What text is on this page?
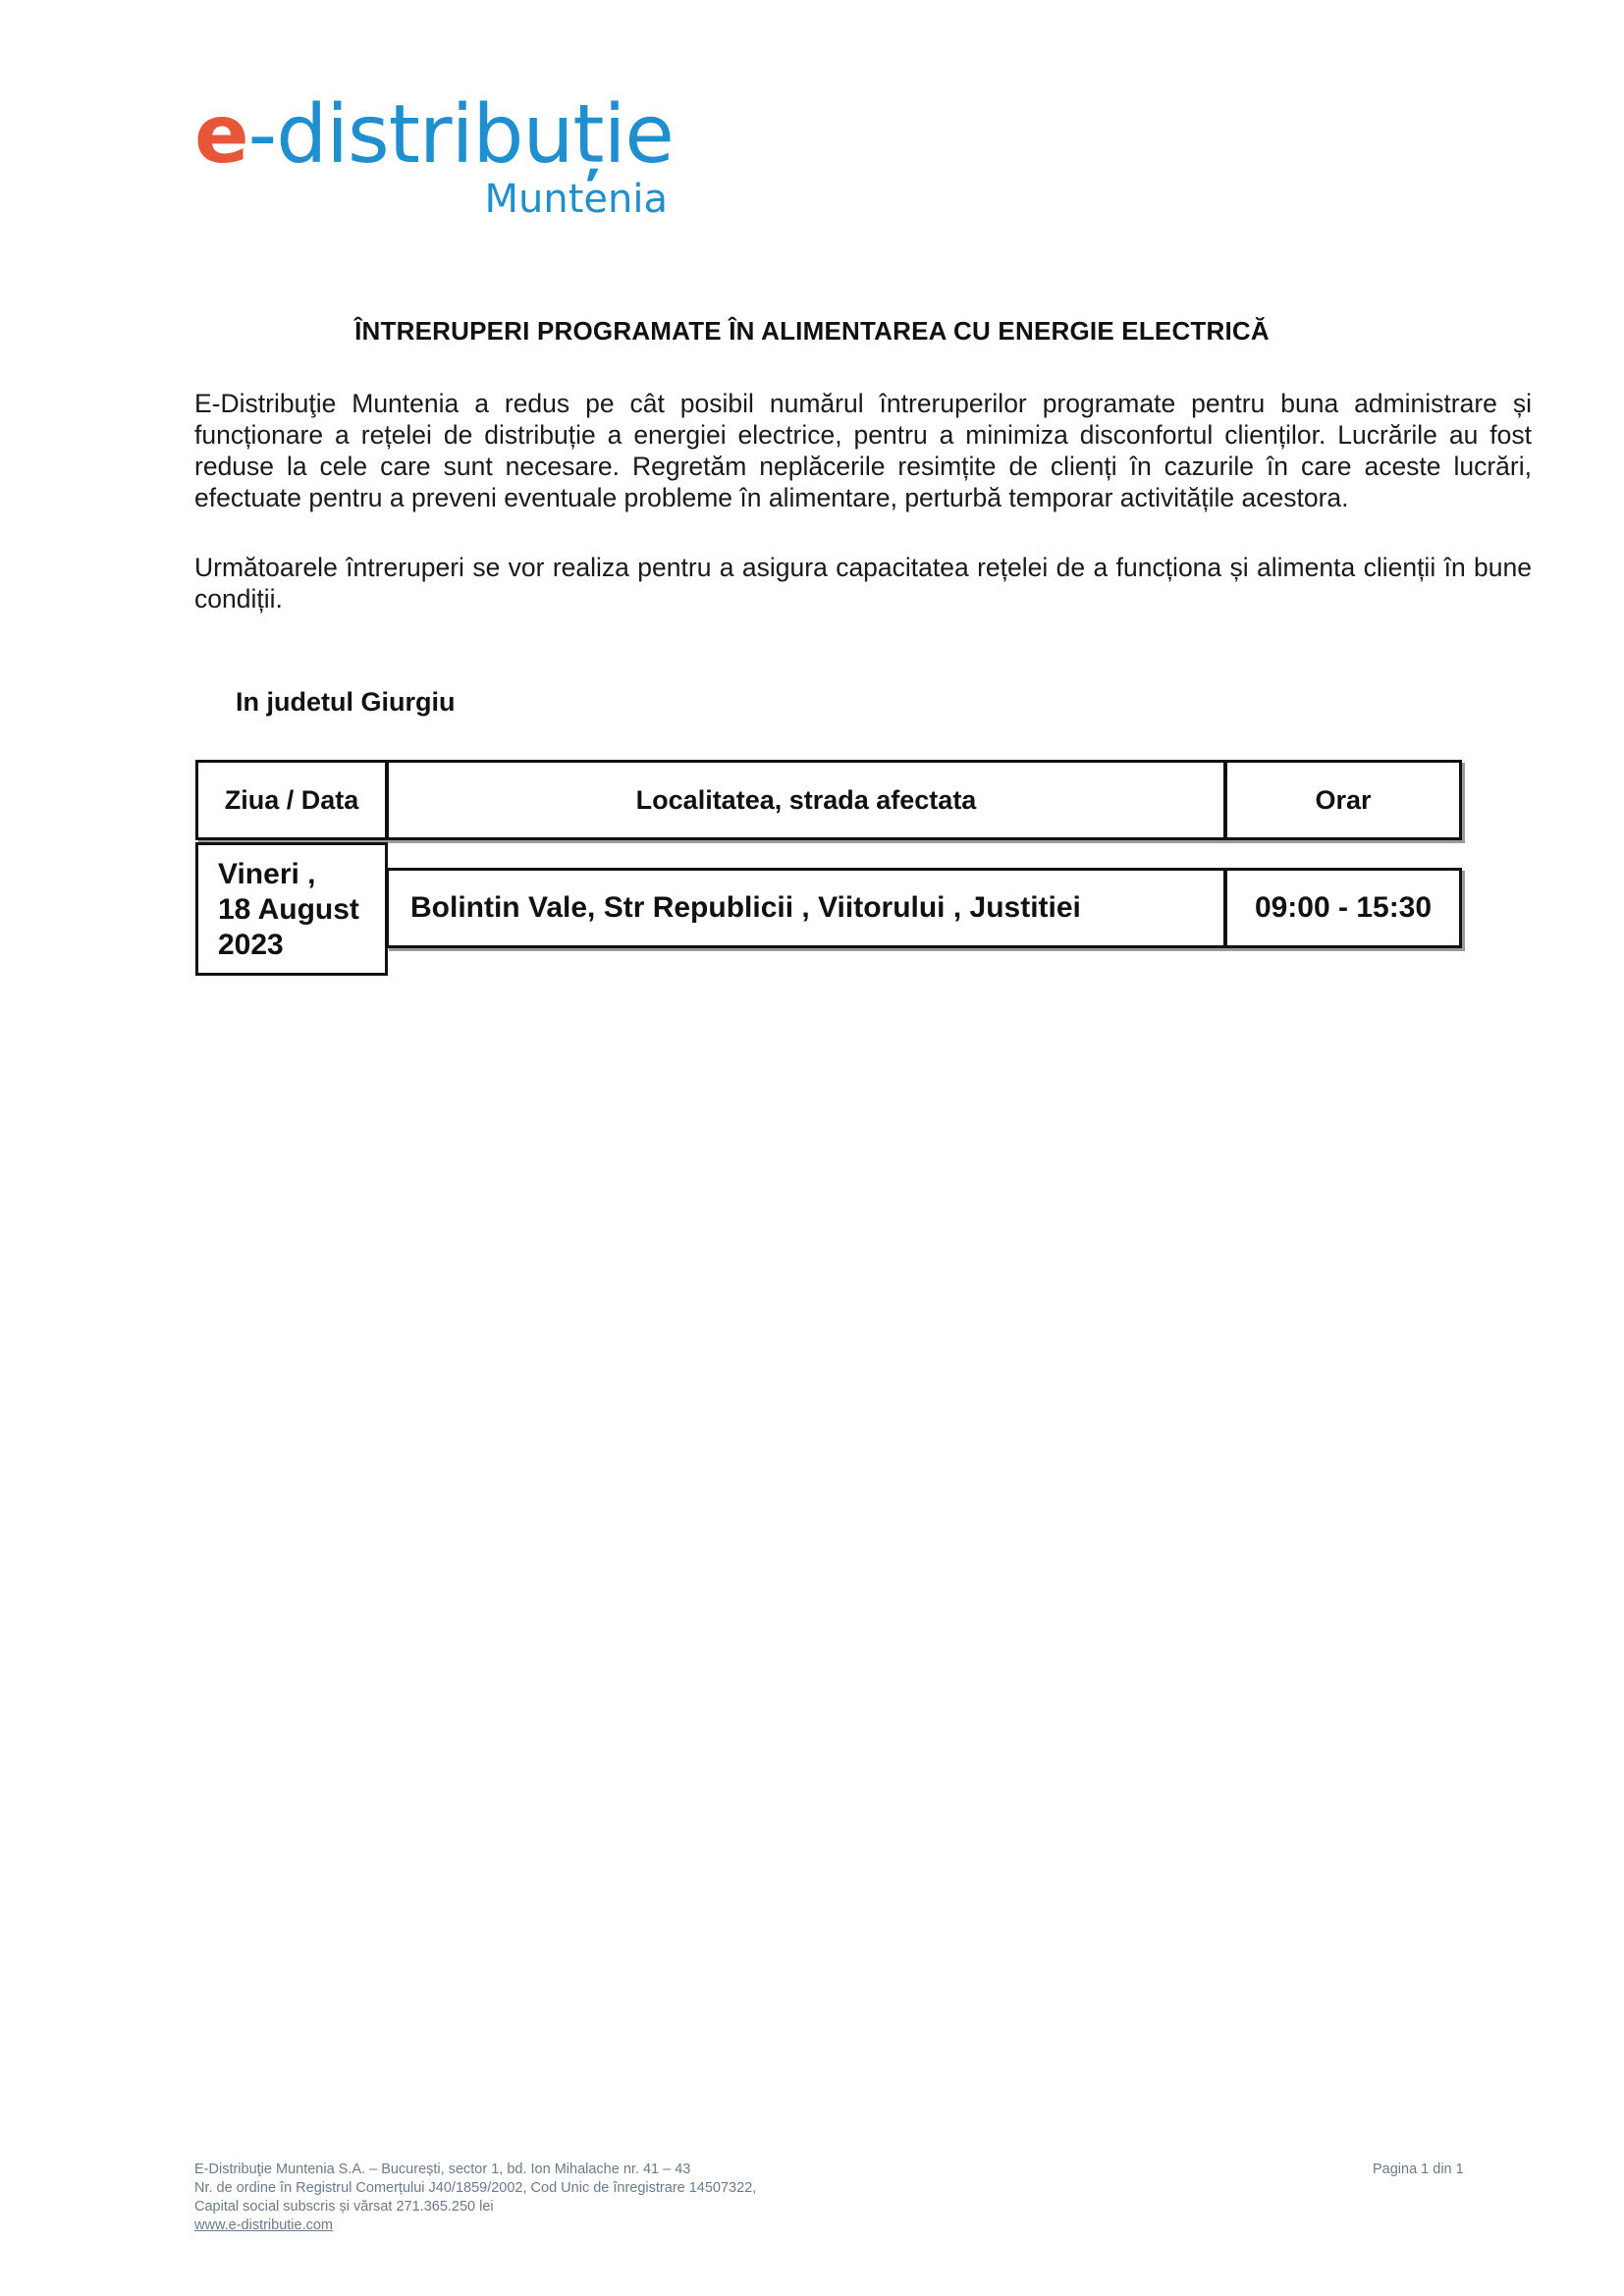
e-distribuție
Muntenia
ÎNTRERUPERI PROGRAMATE ÎN ALIMENTAREA CU ENERGIE ELECTRICĂ
E-Distribuţie Muntenia a redus pe cât posibil numărul întreruperilor programate pentru buna administrare și funcționare a rețelei de distribuție a energiei electrice, pentru a minimiza disconfortul clienților. Lucrările au fost reduse la cele care sunt necesare. Regretăm neplăcerile resimțite de clienți în cazurile în care aceste lucrări, efectuate pentru a preveni eventuale probleme în alimentare, perturbă temporar activitățile acestora.
Următoarele întreruperi se vor realiza pentru a asigura capacitatea rețelei de a funcționa și alimenta clienții în bune condiții.
In judetul Giurgiu
Ziua / Data	Localitatea, strada afectata	Orar
Vineri ,
18 August
2023
Bolintin Vale, Str Republicii , Viitorului , Justitiei	09:00 - 15:30
E-Distribuţie Muntenia S.A. – București, sector 1, bd. Ion Mihalache nr. 41 – 43
Nr. de ordine în Registrul Comerțului J40/1859/2002, Cod Unic de înregistrare 14507322,
Capital social subscris și vărsat 271.365.250 lei
www.e-distributie.com
Pagina 1 din 1
